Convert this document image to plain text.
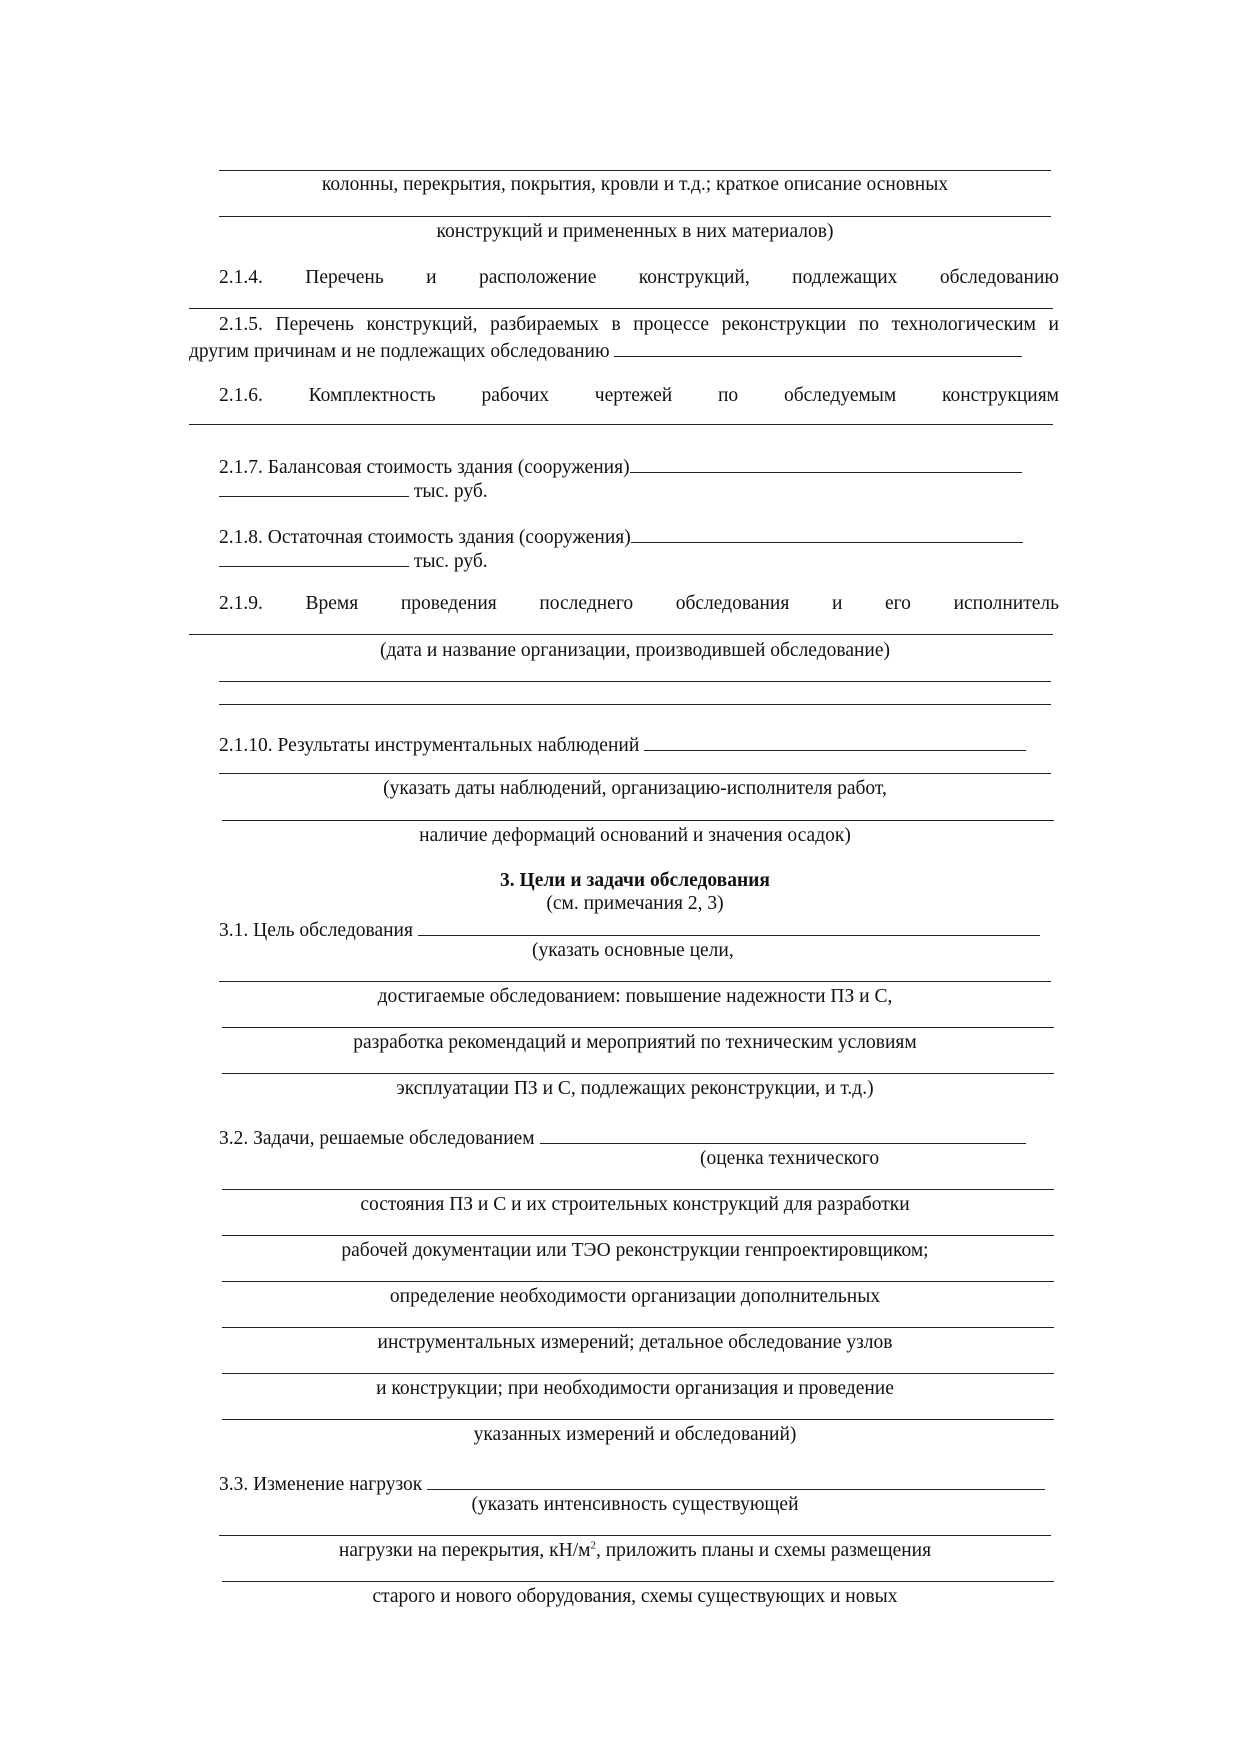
колонны, перекрытия, покрытия, кровли и т.д.; краткое описание основных
конструкций и примененных в них материалов)
2.1.4. Перечень и расположение конструкций, подлежащих обследованию
2.1.5. Перечень конструкций, разбираемых в процессе реконструкции по технологическим и
другим причинам и не подлежащих обследованию
2.1.6. Комплектность рабочих чертежей по обследуемым конструкциям
2.1.7. Балансовая стоимость здания (сооружения)
тыс. руб.
2.1.8. Остаточная стоимость здания (сооружения)
тыс. руб.
2.1.9. Время проведения последнего обследования и его исполнитель
(дата и название организации, производившей обследование)
2.1.10. Результаты инструментальных наблюдений
(указать даты наблюдений, организацию-исполнителя работ,
наличие деформаций оснований и значения осадок)
3. Цели и задачи обследования
(см. примечания 2, 3)
3.1. Цель обследования
(указать основные цели,
достигаемые обследованием: повышение надежности ПЗ и С,
разработка рекомендаций и мероприятий по техническим условиям
эксплуатации ПЗ и С, подлежащих реконструкции, и т.д.)
3.2. Задачи, решаемые обследованием
(оценка технического
состояния ПЗ и С и их строительных конструкций для разработки
рабочей документации или ТЭО реконструкции генпроектировщиком;
определение необходимости организации дополнительных
инструментальных измерений; детальное обследование узлов
и конструкции; при необходимости организация и проведение
указанных измерений и обследований)
3.3. Изменение нагрузок
(указать интенсивность существующей
нагрузки на перекрытия, $кН/м^2$, приложить планы и схемы размещения
старого и нового оборудования, схемы существующих и новых
